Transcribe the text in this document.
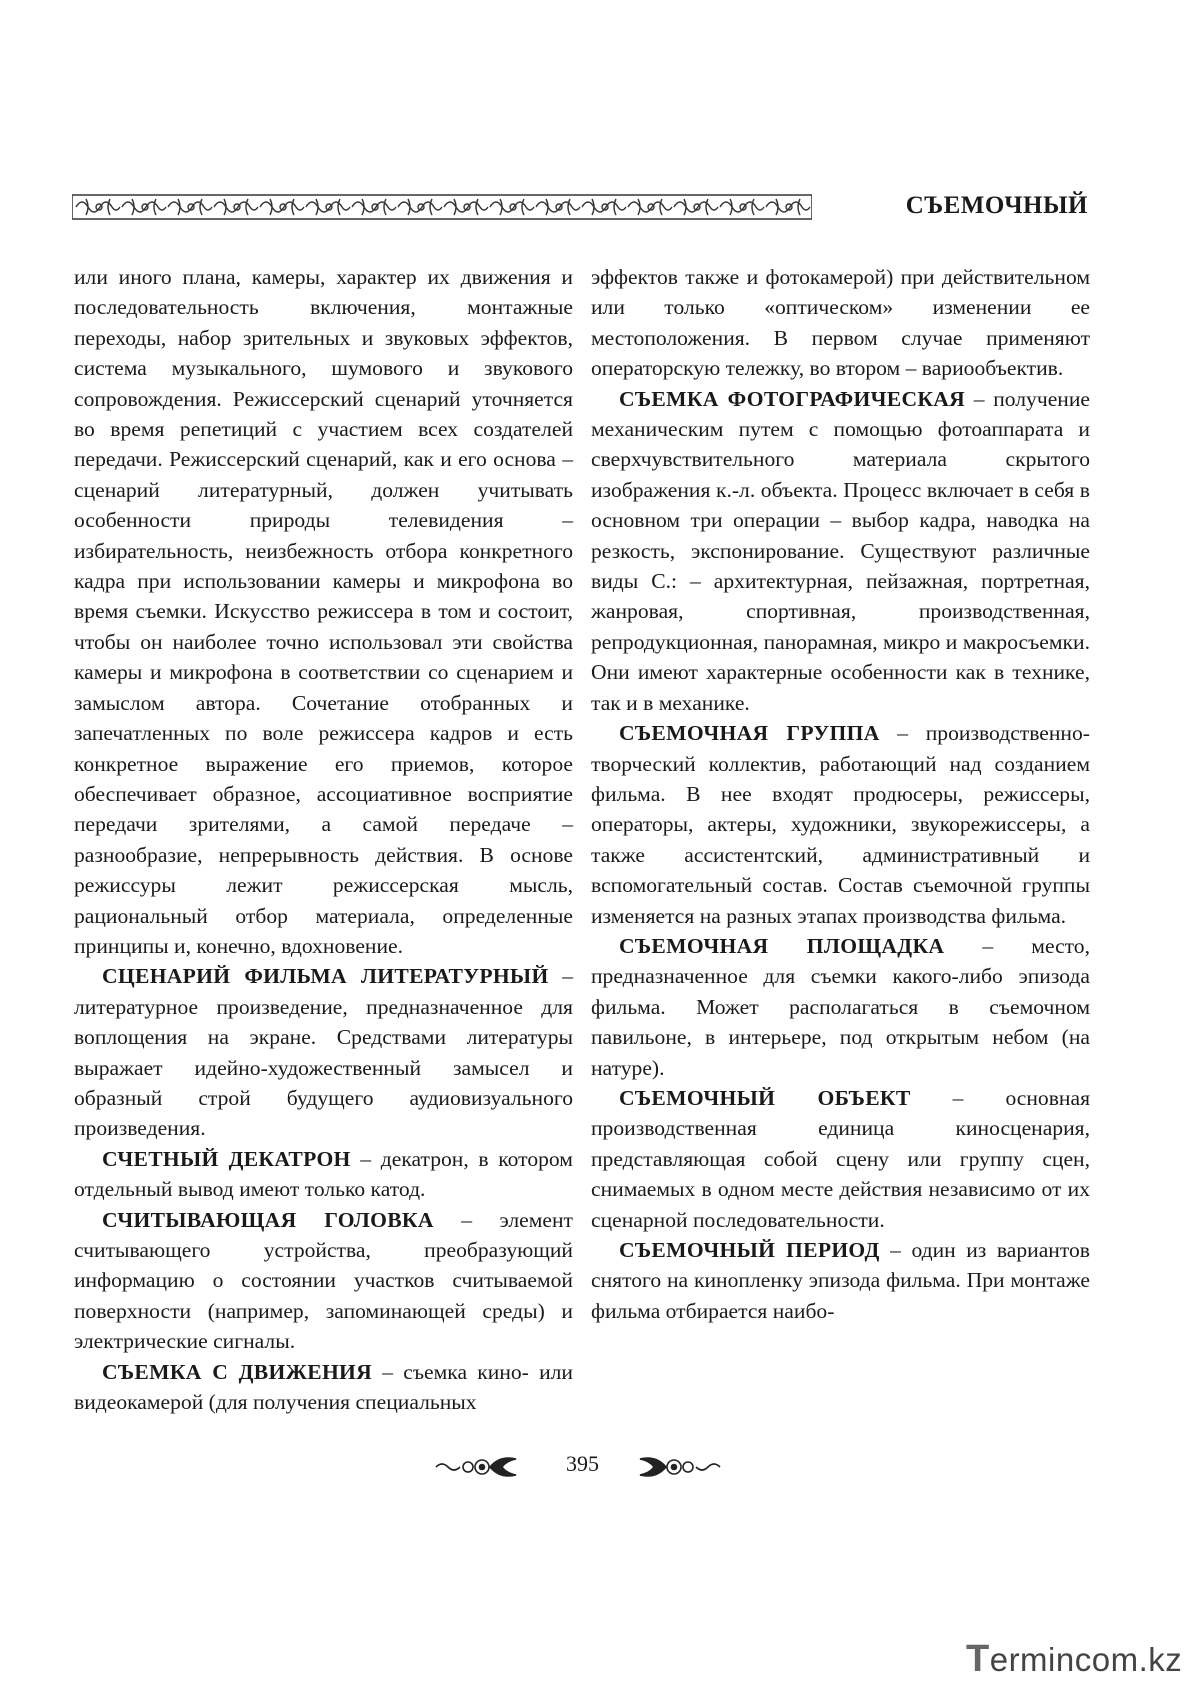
СЪЕМОЧНЫЙ

или иного плана, камеры, характер их движения и последовательность включения, монтажные переходы, набор зрительных и звуковых эффектов, система музыкального, шумового и звукового сопровождения. Режиссерский сценарий уточняется во время репетиций с участием всех создателей передачи. Режиссерский сценарий, как и его основа – сценарий литературный, должен учитывать особенности природы телевидения – избирательность, неизбежность отбора конкретного кадра при использовании камеры и микрофона во время съемки. Искусство режиссера в том и состоит, чтобы он наиболее точно использовал эти свойства камеры и микрофона в соответствии со сценарием и замыслом автора. Сочетание отобранных и запечатленных по воле режиссера кадров и есть конкретное выражение его приемов, которое обеспечивает образное, ассоциативное восприятие передачи зрителями, а самой передаче – разнообразие, непрерывность действия. В основе режиссуры лежит режиссерская мысль, рациональный отбор материала, определенные принципы и, конечно, вдохновение.

СЦЕНАРИЙ ФИЛЬМА ЛИТЕРАТУРНЫЙ – литературное произведение, предназначенное для воплощения на экране. Средствами литературы выражает идейно-художественный замысел и образный строй будущего аудиовизуального произведения.

СЧЕТНЫЙ ДЕКАТРОН – декатрон, в котором отдельный вывод имеют только катод.

СЧИТЫВАЮЩАЯ ГОЛОВКА – элемент считывающего устройства, преобразующий информацию о состоянии участков считываемой поверхности (например, запоминающей среды) и электрические сигналы.

СЪЕМКА С ДВИЖЕНИЯ – съемка кино- или видеокамерой (для получения специальных

эффектов также и фотокамерой) при действительном или только «оптическом» изменении ее местоположения. В первом случае применяют операторскую тележку, во втором – вариообъектив.

СЪЕМКА ФОТОГРАФИЧЕСКАЯ – получение механическим путем с помощью фотоаппарата и сверхчувствительного материала скрытого изображения к.-л. объекта. Процесс включает в себя в основном три операции – выбор кадра, наводка на резкость, экспонирование. Существуют различные виды С.: – архитектурная, пейзажная, портретная, жанровая, спортивная, производственная, репродукционная, панорамная, микро и макросъемки. Они имеют характерные особенности как в технике, так и в механике.

СЪЕМОЧНАЯ ГРУППА – производственно-творческий коллектив, работающий над созданием фильма. В нее входят продюсеры, режиссеры, операторы, актеры, художники, звукорежиссеры, а также ассистентский, административный и вспомогательный состав. Состав съемочной группы изменяется на разных этапах производства фильма.

СЪЕМОЧНАЯ ПЛОЩАДКА – место, предназначенное для съемки какого-либо эпизода фильма. Может располагаться в съемочном павильоне, в интерьере, под открытым небом (на натуре).

СЪЕМОЧНЫЙ ОБЪЕКТ – основная производственная единица киносценария, представляющая собой сцену или группу сцен, снимаемых в одном месте действия независимо от их сценарной последовательности.

СЪЕМОЧНЫЙ ПЕРИОД – один из вариантов снятого на кинопленку эпизода фильма. При монтаже фильма отбирается наибо-

395
Termincom.kz
